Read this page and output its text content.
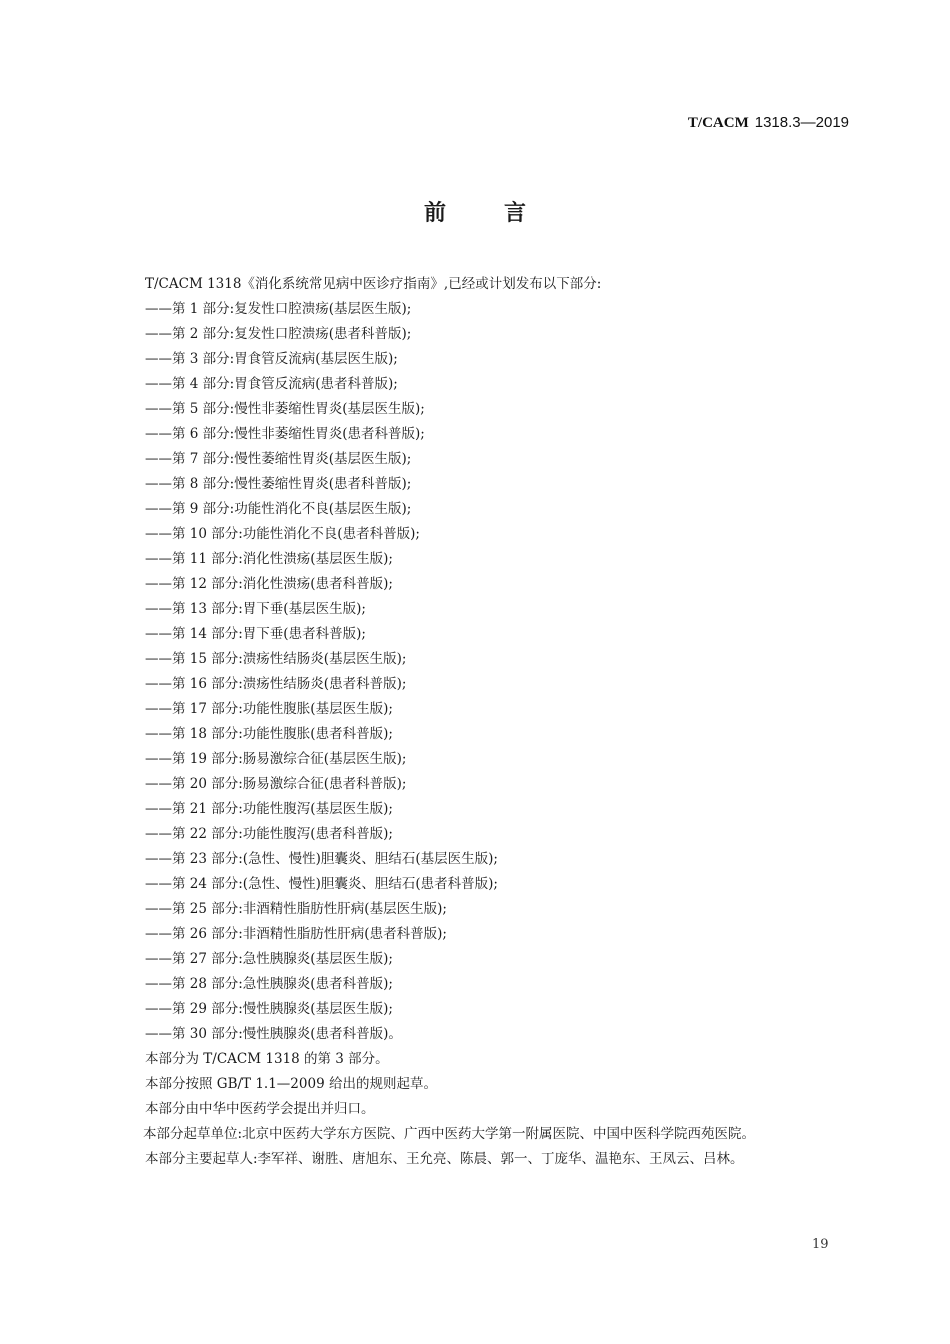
T/CACM 1318.3—2019
前	言
T/CACM 1318《消化系统常见病中医诊疗指南》,已经或计划发布以下部分:
——第 1 部分:复发性口腔溃疡(基层医生版);
——第 2 部分:复发性口腔溃疡(患者科普版);
——第 3 部分:胃食管反流病(基层医生版);
——第 4 部分:胃食管反流病(患者科普版);
——第 5 部分:慢性非萎缩性胃炎(基层医生版);
——第 6 部分:慢性非萎缩性胃炎(患者科普版);
——第 7 部分:慢性萎缩性胃炎(基层医生版);
——第 8 部分:慢性萎缩性胃炎(患者科普版);
——第 9 部分:功能性消化不良(基层医生版);
——第 10 部分:功能性消化不良(患者科普版);
——第 11 部分:消化性溃疡(基层医生版);
——第 12 部分:消化性溃疡(患者科普版);
——第 13 部分:胃下垂(基层医生版);
——第 14 部分:胃下垂(患者科普版);
——第 15 部分:溃疡性结肠炎(基层医生版);
——第 16 部分:溃疡性结肠炎(患者科普版);
——第 17 部分:功能性腹胀(基层医生版);
——第 18 部分:功能性腹胀(患者科普版);
——第 19 部分:肠易激综合征(基层医生版);
——第 20 部分:肠易激综合征(患者科普版);
——第 21 部分:功能性腹泻(基层医生版);
——第 22 部分:功能性腹泻(患者科普版);
——第 23 部分:(急性、慢性)胆囊炎、胆结石(基层医生版);
——第 24 部分:(急性、慢性)胆囊炎、胆结石(患者科普版);
——第 25 部分:非酒精性脂肪性肝病(基层医生版);
——第 26 部分:非酒精性脂肪性肝病(患者科普版);
——第 27 部分:急性胰腺炎(基层医生版);
——第 28 部分:急性胰腺炎(患者科普版);
——第 29 部分:慢性胰腺炎(基层医生版);
——第 30 部分:慢性胰腺炎(患者科普版)。
本部分为 T/CACM 1318 的第 3 部分。
本部分按照 GB/T 1.1—2009 给出的规则起草。
本部分由中华中医药学会提出并归口。
本部分起草单位:北京中医药大学东方医院、广西中医药大学第一附属医院、中国中医科学院西苑医院。
本部分主要起草人:李军祥、谢胜、唐旭东、王允亮、陈晨、郭一、丁庞华、温艳东、王凤云、吕林。
19
